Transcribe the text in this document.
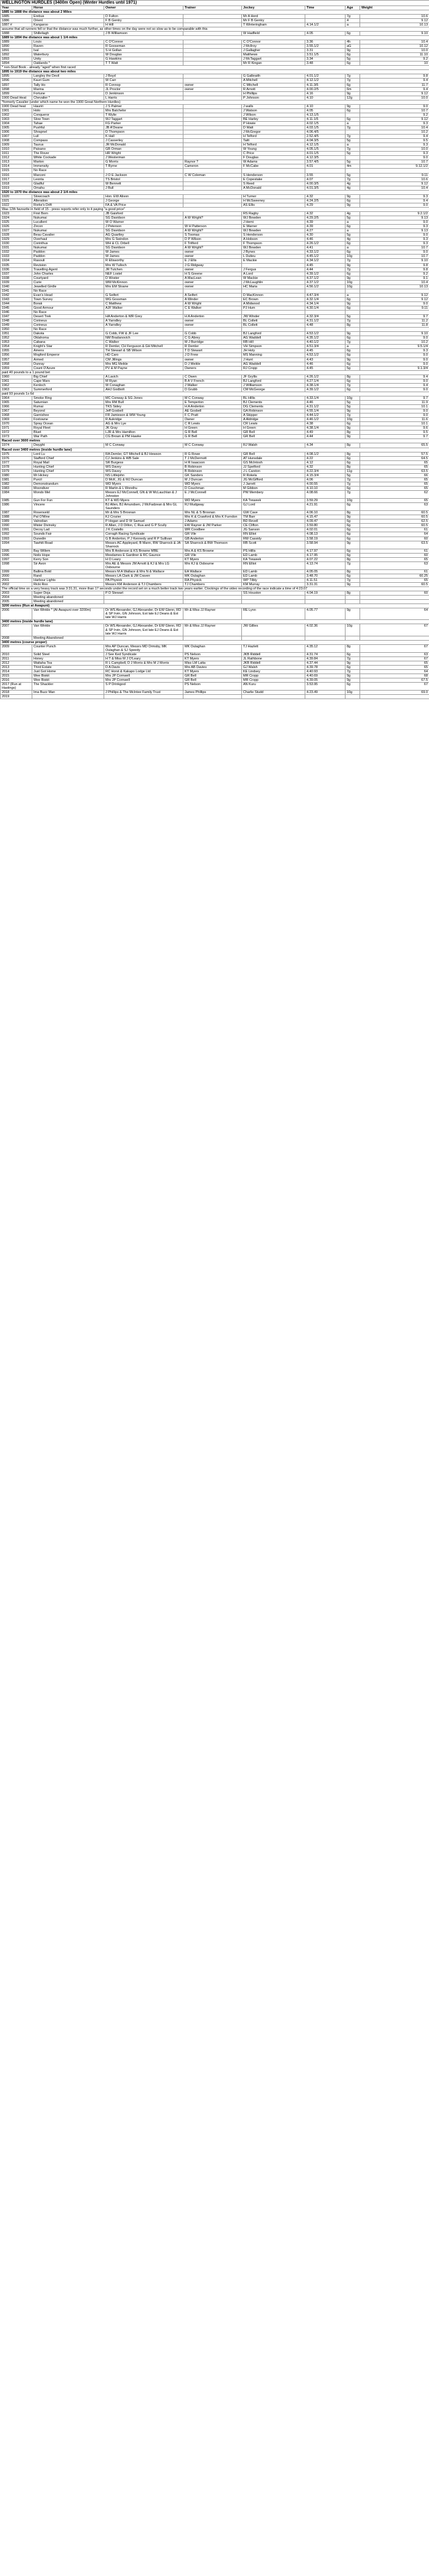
WELLINGTON HURDLES (3400m Open) (Winter Hurdles until 1971)							
Year	Horse	Owner	Trainer	Jockey	Time	Age	Weight
1885 to 1888 the distance was about 2 Miles							
1885	Erebus	D Fulton		Mr A Herd		7g	10.6
1886	Orient	F B Gentry		Mr F B Gentry		4	9.12
1887 #	Kangaroo	H Hill		T Winteringham	4.14.1/2	a	10.13
assume that all runners fell or that the distance was much further, as other times on the day were not so slow as to be comparable with this							
1888	Shilleliagh	J B Williamson		W Hadfield	4.05	6g	9.10
1889 to 1894 the distance was about 1 1/4 miles							
1889	Louis	C O'Connor		C O'Connor	3.36	4h	10.4
1890	Raven	R Gooseman		J McIlroy	3.55.1/2	aG	10.12
1891	Ival	S H Gollan		J Gallagher	3.31	9g	10.0
1892	Waterbury	W Douglas		Matthews	3.51.1/5	6g	11.10
1893	Unity	G Hawkins		J McTaggart	3.34	5g	9.2
1894	Oaklands *	T T Watt		Mr R Kingan	3.48	6g	10
* non-Stud Book - already "aged" when first raced							
1895 to 1919 the distance was about two miles							
1895	Langley the Devil	J Boyd		G Galbraith	4.01.1/2	7g	9.8
1896	Kauri Gum	W Carr		A Mitchell	4.12.1/2	7g	9.4
1897	Tally Ho	R Connop	owner	C Mitchell	4.11.3/5	6g	11.7
1898	Marina	JL Proctor	owner	R Arnott	4.00.2/5	6m	9.4
1899	Fortune	D Jenkinson		H Phillips	4.16	9g	9.12
1900 Dead Heat	Chevalier *	L Harris		P Johnson	4.10	12g	10.0
*formerly Cavalier (under which name he won the 1900 Great Northern Hurdles)							
1900 Dead heat	Hauriri	J S Palmer		J walls	4.10	9g	9.0
1901	Holo	Mrs Batchelor		J Watson	4.05	6g	10.7
1902	Conqueror	T Wylie		J Wilson	4.13.1/5		9.2
1903	Slow Town	WJ Taggart		BE Harley	4.11.1/5	6g	9.12
1904	Tahae	FG Parker		P Howie	4.02.1/5	a	9.3
1905	Pushful	JB A'Deane		D Watt	4.03.1/5	7g	10.4
1906	Shrapnel	D Thompson		J McGregor	4.06.4/5		10.2
1907	Lull	K Hall		H Telford	2.52.4/5	7g	9.4
1908	Compass	J Casserley		Taitt	4.04.3/5	5g	9.5
1909	Taurus	JR McDonald		H Telford	4.12.1/5	a	9.3
1910	Paisano	GB Orman		W Young	4.05.1/5	7g	10.0
1911	The Rover	HR Wright		C Price	4.01.1/5	5g	9.3
1912	White Cockade	J Westerman		F Douglas	4.12.3/5		9.0
1913	Marton	G Morris	Raynor ?	W Adams	3.57.4/5	5g	10.7
1914	Immensity	T Byrne	Cameron	F McCabe	4.01	4m	9.12.1/2
1915	No Race						
1916	Marconi	J O E Jackson	C W Coleman	S Henderson	3.55	5g	9.11
1917	Leonta	TS Bristol		E Copestake	4.07	7g	10.6
1918	Gladful	W Bennett		S Reed	4.00.3/5	4g	9.12
1919	Omahu	J Bull		A McDonald	4.01.3/5	4g	10.4
1920 to 1970 the distance was about 2 1/4 miles							
1920	Slowcoach	Hon. EW Alison		H Turner	4.32	9g	9.3
1921	Alteration	J George		H McSweeney	4.24.2/5	6g	9.4
1922	Rorke's Drift	FA & VA Price		AS Ellis	4.29	9g	9.0
Was 12th favourite in field of 15 - press reports refer only to it paying "a good price"							
1923	First Born	JB Gaisford		RS Ragby	4.32	4g	9.2.1/2
1924	Nukumai	SG Davidson	A W Wright?	WJ Bowden	4.29.2/5	5g	9.13
1925	Lucullent	W O Warner		J Hemi	4.39	a	9.0
1926	Zircon	J Peterson	W H Patterson	E Warner	4.39	6g	9.3
1927	Nukumai	SG Davidson	A W Wright?	WJ Bowden	4.27	a	9.13
1928	Beau Cavalier	AG Quartley	S Toomas	S Henderson	4.30	5g	9.0
1929	Overhaul	Mrs G Swindon	D P Wilson	A Hobson	4.46	4g	9.3
1930	Corinthus	WH & CL Orbell	F Tritford	F Thompson	4.26.1/2	6g	9.3
1931	Nukumai	SG Davidson	A W Wright?	WJ Bowden	4.41	a	10.7
1932	Paddon	W James	owner	J Bynes	4.33.1/2	6g	9.0
1933	Paddon	W James	owner	L Dutieu	4.45.1/2	10g	10.7
1934	Rasouli	R Ellsworthy	E J Ellis	E Mackie	4.34.1/2	7g	9.10
1935	Revision	Mrs W Tulloch	J G Ridgway		4.45	9g	9.8
1936	Travelling Agent	JR Tutchen	owner	J Fergus	4.44	7g	9.8
1937	John Charles	NEF Lostel	H S Greene	A Lord	4.39.1/2	6g	9.2
1938	Courtyard	D Woster	A MacLean	W Mackie	4.37.1/2	9g	9.1
1939	Curie	WM McKinnon	owner	J McLaughlin	4.37.1/2	10g	10.4
1940	Jewelled Girdle	Mrs EM Sloane	owner	HC Maria	4.56.1/2	10g	10.13
1941	No Race						
1942	Evan's Head	G Seifert	A Seifert	D MacKinnon	4.47.3/4	a	9.12
1943	Town Survey	WG Gossman	A Winder	EC Brown	4.32.1/4	6g	9.12
1944	Borak	C Matthew	A W Wright	A Midwood	4.34.1/4	9g	9.0
1945	Good Armour	AJF Walker	C E Walker	PJ Hum	4.30.1/4	6g	9.11
1946	No Race						
1947	Desert Trek	HA Anderton & WR Grey	H A Anderton	JW Winder	4.32.3/4	5g	9.7
1948	Corineus	A Yarndley	owner	BL Collett	4.31.1/2	7g	11.2
1949	Corineus	A Yarndley	owner	BL Collett	4.48	8g	11.8
1950	No Race						
1951	Dakota	G Cobb, FW & JF Lee	G Cobb	BJ Langford	4.53.1/2	9g	9.10
1952	Oklahoma	NM Bradanovich	C G Abrey	AG Waddell	4.35.1/2	6g	9.0
1953	Cabana	C Walker	M J Burridge	RB Hill	4.40.1/2	7g	10.2
1954	Knight's Star	R Demler, CH Ferguson & GH Mitchell	R Demler	VH Simpson	4.51.3/4	a	9.5.1/4
1955	Amens	TH Stewart & SB Wilson	T D Stewart	JH Holy	4.45	6g	9.3
1956	Mogford Emperor	HD Caro	J D Frew	MS Manning	4.53.1/2	6g	9.0
1957	Armed	CM Jillings	owner	J Hunt	4.43	9g	9.0
1958	Dunray	Mrs MG Meikle	D J Meikle	AG Waddell	4.46	6g	9.0
1959	Count D'Azure	PV & M Payne	Owners	RJ Cropp	4.45	5g	9.1.3/4
paid 40 pounds to a 1 pound bet							
1960	Big Chief	A Lavich	C Owen	JF Gryllis	4.26.1/2	8g	9.4
1961	Cape Mars	M Ryan	B A V French	BJ Langford	4.27.1/4	6g	9.0
1962	Kenloch	W Conaghan	J Walker	J Williamson	4.38.1/4	7g	9.4
1963	Summerford	AHJ Godbolt	D Grubb	CM McGeorge	4.39.1/2	6g	9.0
paid 93 pounds 1s 6d							
1964	Smoke Ring	MC Conway & SG Jones	M C Conway	BL Hillis	4.33.1/4	10g	9.7
1965	Saturnian	Mrs RM Bull	E Temperton	BJ Clements	4.46	5g	11.9
1966	Rumai	TKS Sidey	H A Anderton	DG Clements	4.31.1/2	5g	10.1
1967	Beyond	Jeff Gosbell	AE Gosbell	GA Robinson	4.55.1/4	9g	9.0
1968	Garnishee	FR Jamieson & WM Young	F C Pratt	A Skipper	4.44.1/2	7g	9.0
1969	Foxtowne	R Aukridge	Owner	A Aldridge	4.46.1/2	10g	11.6
1970	Spray Ocean	AG & Mrs Lye	C R Lewis	CR Lewis	4.38	6g	10.1
1971	Royal Fleet	JK Gray	H Green	H Green	4.38.1/4	9g	9.6
1972	Bluet	LJR & Mrs Hamilton	G R Bell	GR Bell	4.49	8g	9.5
1973	War Path	CG Brown & PM Hawke	G R Bell	GR Bell	4.44	9g	9.7
Raced over 3600 metres							
1974	Dwyght	M C Conway	M C Conway	RJ Walsh	4.34	8g	65.5
Raced over 3400 metres (inside hurdle lane)							
1975	Lord Lu	RA Demler, GT Mitchell & BJ Hewson	R G Rowe	GR Bell	4.08.1/2	8g	57.5
1976	Stafford Chief	CJ Jenkins & WB Sale	T J McDermott	AT Hunsdale	4.22	6g	64.5
1977	Royal Mail	SR Burgess	H R Isaacson	GS McIntosh	4.12	6g	65
1978	Hunting Chief	WS Davey	B Robinson	JJ Spetford	4.32	8g	65
1979	Hunting Chief	WS Davey	B Robinson	J L Carston	4.22.3/4	11g	63.5
1980	Mr Hickey	NS Littlejohn	GK Sanders	R Rokela	4.15.3/4	5g	66
1981	Purcil	D McK, JG & MJ Duncan	M J Duncan	JG McGifford	4.06	7g	65
1982	Demonstrandum	WD Myers	WD Myers	J Jarrett	4.00.55	7g	65
1983	Moondiver	R Martin & L Woreihu	D Couchman	M Gibbon	4.10.10	6g	65
1984	Mondo Mel	Messrs EJ McConnell, GN & W McLauchlan & J Johnston	E J McConnell	PW Membery	4.08.66	7g	62
1985	Gun For Fun	KT & WD Myers	WD Myers	KA Treweek	3.59.29	10g	65
1986	Vincere	BJ Allen, BJ Amundsen, J McFadzean & Mrs GL Saunders	RJ Mudgway	GJ Lord	4.21.91	6g	63
1987	Rosenveld	Mr & Mrs S Brosnan	Mrs NL & S Brosnan	GW Cave	4.06.10	8g	60.5
1988	Pal O'Mine	KJ Crozier	Mrs K & Crawford & Mrs K Furndon	TM Barr	4.15.47	9g	60.5
1989	Valrodian	P Hogan and D W Samuel	J Adams	BD Revell	4.09.47	6g	62.5
1990	Mister Divinsky	R Allan, J D Dillon, C Rua and G P Scully	EW Rayner & JW Parker	CE Clifton	3.59.80	6g	60.5
1991	Decoy Lad	J K Costello	WR Coodbee	JG Sanson	4.02.01	6g	61
1992	Sounds Fair	Corragh Racing Syndicate	GR Vile	RN Elliot	4.08.13	6g	64
1993	Dunedin	G B Anderton, P J Kennedy and R P Sullivan	GB Anderton	RW Cassidy	3.58.19	6g	60
1994	Tawhiti Road	Messrs AC Appleyard, B Mann, RW Sharrock & JA Sharrock	SA Sharrock & BW Thomson	RB Scott	3.58.94	9g	63.5
1995	Bay Willem	Mrs B Anderson & KS Browne MBE	Mrs A & KS Browne	PS Hillis	4.17.97	6g	61
1996	Noils Hope	Mesdames E Gardiner & RC Gaunce	GR Vile	ED Lamb	4.17.95	6g	60
1997	Kerry Son	H O Leary	KT Myers	KA Treweek	4.07.22	8g	65
1998	Sir Avon	Mrs AE & Messrs JM Arnott & KJ & Mrs LG Osbourne	Mrs KJ & Osbourne	RN Elliot	4.13.74	7g	63
1999	Ballina Bold	Messrs M A Wallace & Mrs N & Wallace	EA Wallace	ED Lamb	4.05.05	8g	61
2000	Rand	Messrs LA Clark & JM Craven	MK Oulaghan	ED Lamb	3.48.70	6g	60.25
2001	Harbour Lights	PA Physick	RA Physick	WP Tilbly	4.11.51	7g	65
2002	Ricki Roo	Messrs KM Anderson & TJ Chambers	TJ Chambers	KM Murray	3.31.31	9g	60.5
The official time on a very heavy track was 3:31.31, more than 17 seconds under the record set on a much better track two years earlier. Clockings of the video recording of the race indicate a time of 4:23.07							
2003	Super Doja	P D Stewart		SS Houston	4.04.19	8g	60
2004	Meeting abandoned						
2005	Meeting abandoned						
3200 metres (Run at Awapuni)							
2006	Van Winkle * (At Awapuni over 3200m)	Dr WS Alexander, GJ Alexander, Dr EW Glenn, RD & SP Irvin, GN Johnson, Est late EJ Deans & Est late WJ Harris	Mr & Miss JJ Rayner	RE Lynn	4.05.77	9g	64
3400 metres (inside hurdle lane)							
2007	Van Winkle	Dr WS Alexander, GJ Alexander, Dr EW Glenn, RD & SP Irvin, GN Johnson, Est late EJ Deans & Est late WJ Harris	Mr & Miss JJ Rayner	JW Gillies	4.02.36	10g	67
2008	Meeting Abandoned						
3400 metres (course proper)							
2009	Counter Punch	Mrs AP Duncan, Messrs MD Ormsby, MK Oulaghan & SJ Speedy	MK Oulaghan	TJ Hazlett	4.35.12	8g	67
2010	Solid Steel	J See Ked Syndicate	PS Nelson	JKB Riddell	4.31.74	6g	63
2011	Honey	H T & Miss M J O'Leary	KT Myers	JL Rathbone	4.39.84	7g	67
2012	Waitaha Toa	R L Campbell, D J Morris & Mrs M J Morris	Miss LM Latta	JKB Riddell	4.37.44	9g	65
2013	Third Estate	D A Davis	Mrs AB Davies	GJ Walsh	4.39.78	6g	65
2014	Just Got Home	RC Horst & Kakapo Lodge Ltd	KT Myers	KE Lindsey	4.40.93	7g	64
2015	Wee Biskit	Mrs JP Cornwell	GR Bell	MR Cropp	4.40.69	9g	68
2016	Wee Biskit	Mrs JP Cornwell	GR Bell	MR Cropp	4.39.05	9g	67.5
2017 (Run at Hastings)	The Shackler	S P Drinkgool	PS Nelson	AN Kuru	3.53.95	6g	67
2018	Ima Buzz Man	J Phillips & The McIntee Family Trust	James Phillips	Charlie Studd	4.23.49	10g	69.0
2019							
